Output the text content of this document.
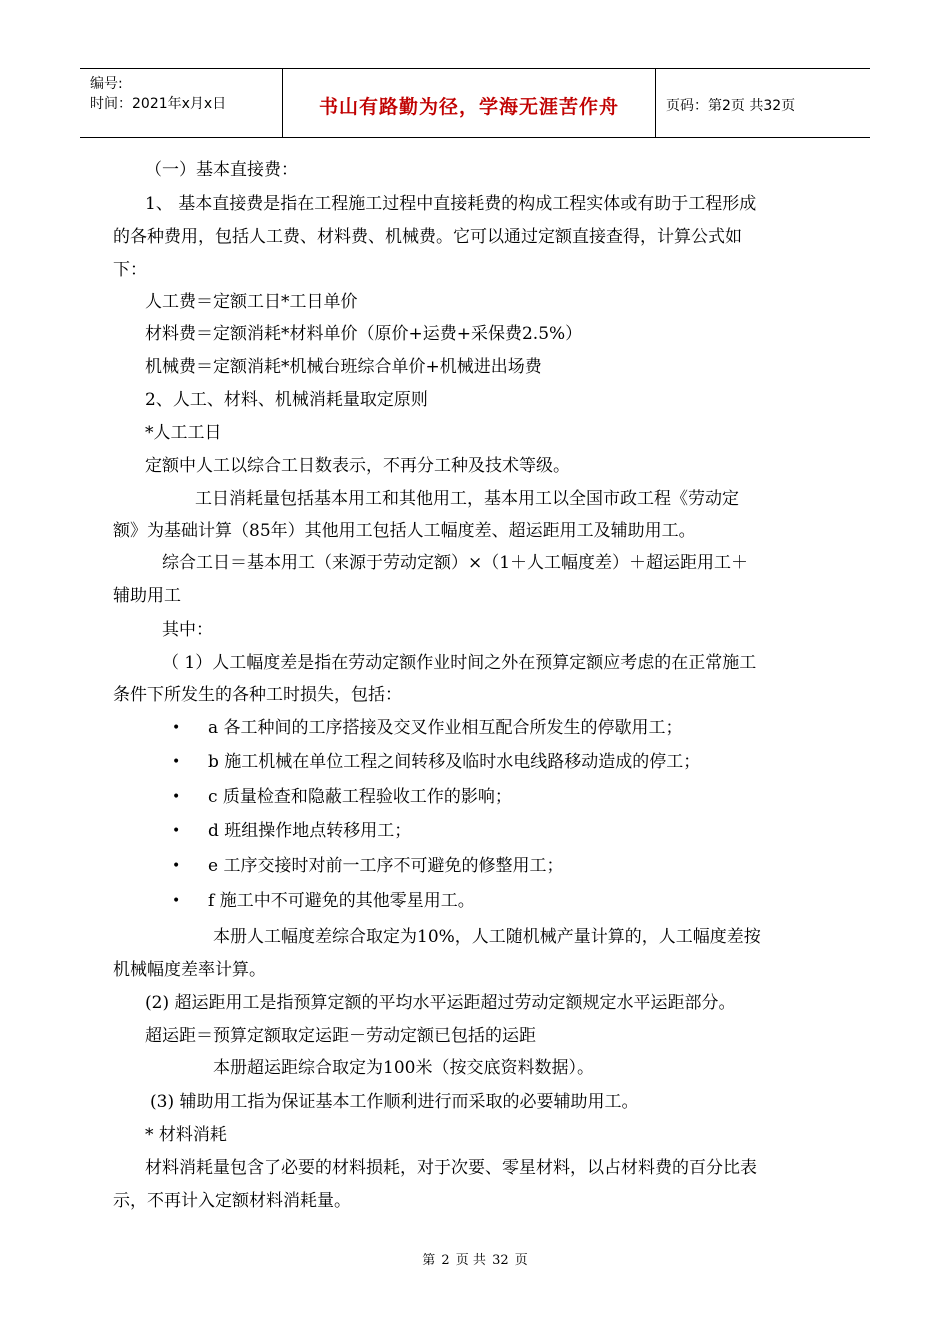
编号:
时间：2021年x月x日	书山有路勤为径，学海无涯苦作舟	页码：第2页 共32页
（一）基本直接费：
1、 基本直接费是指在工程施工过程中直接耗费的构成工程实体或有助于工程形成
的各种费用，包括人工费、材料费、机械费。它可以通过定额直接查得，计算公式如
下：
人工费＝定额工日*工日单价
材料费＝定额消耗*材料单价（原价+运费+采保费2.5%）
机械费＝定额消耗*机械台班综合单价+机械进出场费
2、人工、材料、机械消耗量取定原则
*人工工日
定额中人工以综合工日数表示，不再分工种及技术等级。
工日消耗量包括基本用工和其他用工，基本用工以全国市政工程《劳动定
额》为基础计算（85年）其他用工包括人工幅度差、超运距用工及辅助用工。
综合工日＝基本用工（来源于劳动定额）×（1＋人工幅度差）＋超运距用工＋
辅助用工
其中：
（ 1）人工幅度差是指在劳动定额作业时间之外在预算定额应考虑的在正常施工
条件下所发生的各种工时损失，包括：
• a 各工种间的工序搭接及交叉作业相互配合所发生的停歇用工；
• b 施工机械在单位工程之间转移及临时水电线路移动造成的停工；
• c 质量检查和隐蔽工程验收工作的影响；
• d 班组操作地点转移用工；
• e 工序交接时对前一工序不可避免的修整用工；
• f 施工中不可避免的其他零星用工。
本册人工幅度差综合取定为10%，人工随机械产量计算的，人工幅度差按
机械幅度差率计算。
(2) 超运距用工是指预算定额的平均水平运距超过劳动定额规定水平运距部分。
超运距＝预算定额取定运距－劳动定额已包括的运距
本册超运距综合取定为100米（按交底资料数据）。
(3) 辅助用工指为保证基本工作顺利进行而采取的必要辅助用工。
* 材料消耗
材料消耗量包含了必要的材料损耗，对于次要、零星材料，以占材料费的百分比表
示，不再计入定额材料消耗量。
第 2 页 共 32 页
